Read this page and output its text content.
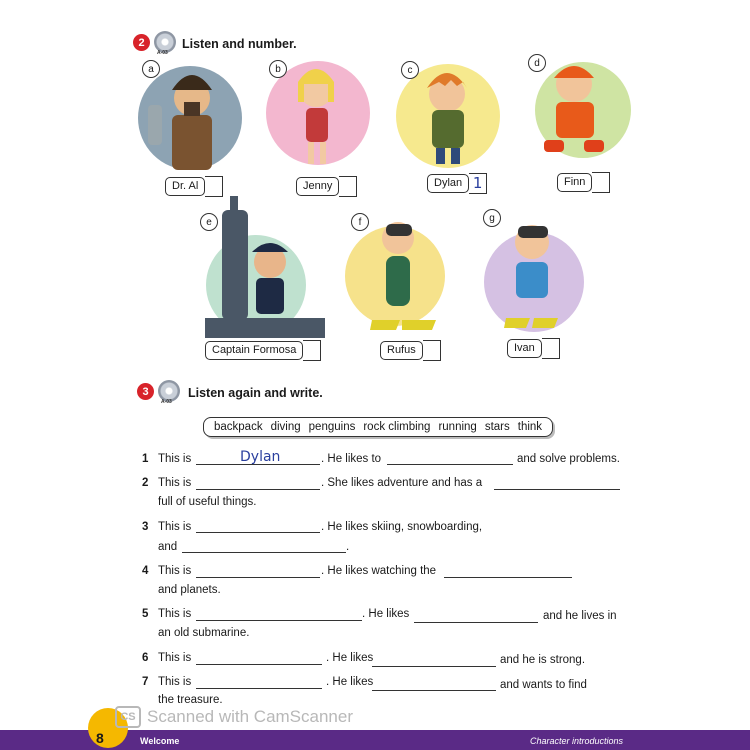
2
A-03
Listen and number.
a	b	c
d
e	f	g
Dr. Al	Jenny	Dylan 1	Finn
Captain Formosa	Rufus	Ivan
3
A-03
Listen again and write.
backpack diving penguins rock climbing running stars think
1 This is	Dylan	. He likes to	and solve problems.
2 This is	. She likes adventure and has a
full of useful things.
3 This is	. He likes skiing, snowboarding,
and	.
4 This is	. He likes watching the
and planets.
5 This is	. He likes	and he lives in
an old submarine.
6 This is	. He likes	and he is strong.
7 This is	. He likes	and wants to find
the treasure.
8	Welcome	Character introductions
CS Scanned with CamScanner
